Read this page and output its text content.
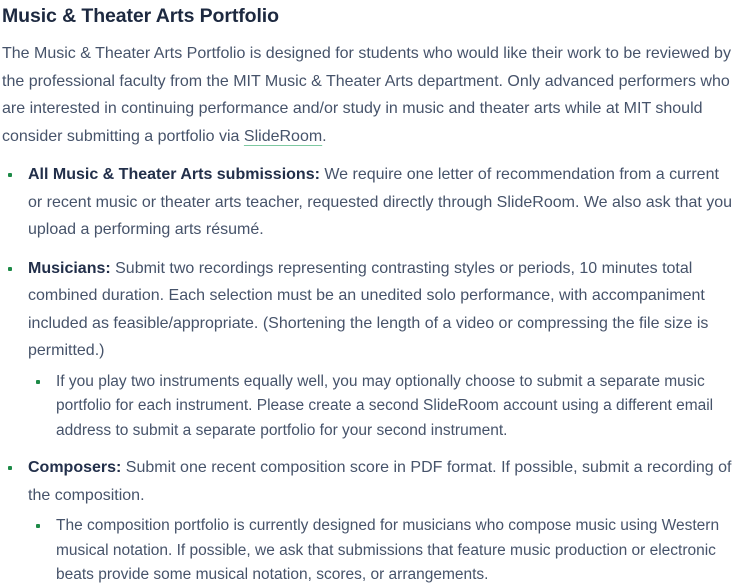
Music & Theater Arts Portfolio

The Music & Theater Arts Portfolio is designed for students who would like their work to be reviewed by the professional faculty from the MIT Music & Theater Arts department. Only advanced performers who are interested in continuing performance and/or study in music and theater arts while at MIT should consider submitting a portfolio via SlideRoom.

All Music & Theater Arts submissions: We require one letter of recommendation from a current or recent music or theater arts teacher, requested directly through SlideRoom. We also ask that you upload a performing arts résumé.
Musicians: Submit two recordings representing contrasting styles or periods, 10 minutes total combined duration. Each selection must be an unedited solo performance, with accompaniment included as feasible/appropriate. (Shortening the length of a video or compressing the file size is permitted.)
If you play two instruments equally well, you may optionally choose to submit a separate music portfolio for each instrument. Please create a second SlideRoom account using a different email address to submit a separate portfolio for your second instrument.
Composers: Submit one recent composition score in PDF format. If possible, submit a recording of the composition.
The composition portfolio is currently designed for musicians who compose music using Western musical notation. If possible, we ask that submissions that feature music production or electronic beats provide some musical notation, scores, or arrangements.
